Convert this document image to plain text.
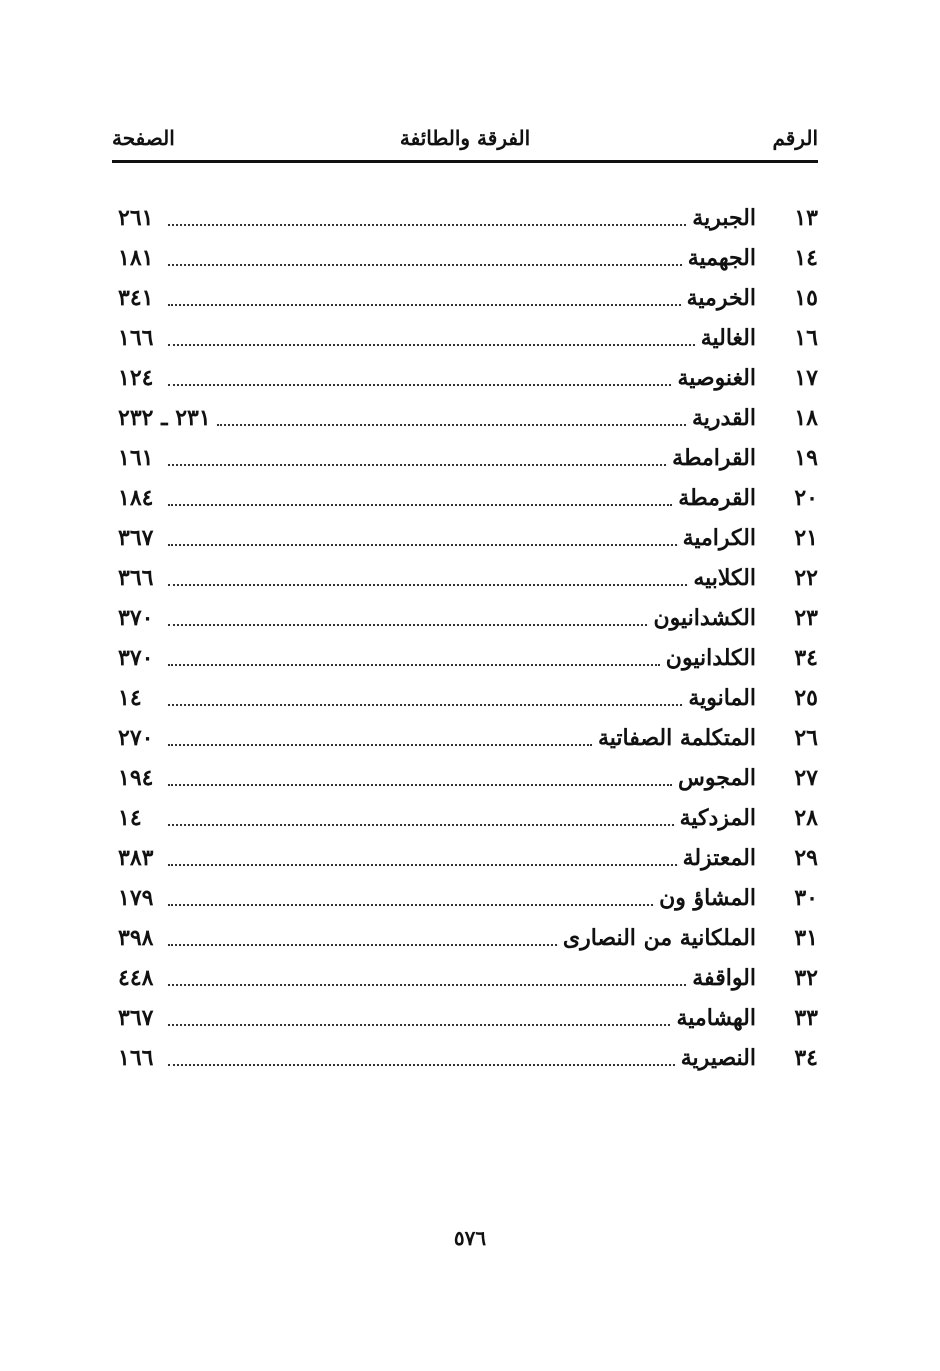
الرقم
الفرقة والطائفة
الصفحة
١٣
الجبرية
٢٦١
١٤
الجهمية
١٨١
١٥
الخرمية
٣٤١
١٦
الغالية
١٦٦
١٧
الغنوصية
١٢٤
١٨
القدرية
٢٣١ ـ ٢٣٢
١٩
القرامطة
١٦١
٢٠
القرمطة
١٨٤
٢١
الكرامية
٣٦٧
٢٢
الكلابيه
٣٦٦
٢٣
الكشدانيون
٣٧٠
٣٤
الكلدانيون
٣٧٠
٢٥
المانوية
١٤
٢٦
المتكلمة الصفاتية
٢٧٠
٢٧
المجوس
١٩٤
٢٨
المزدكية
١٤
٢٩
المعتزلة
٣٨٣
٣٠
المشاؤ ون
١٧٩
٣١
الملكانية من النصارى
٣٩٨
٣٢
الواقفة
٤٤٨
٣٣
الهشامية
٣٦٧
٣٤
النصيرية
١٦٦
٥٧٦
